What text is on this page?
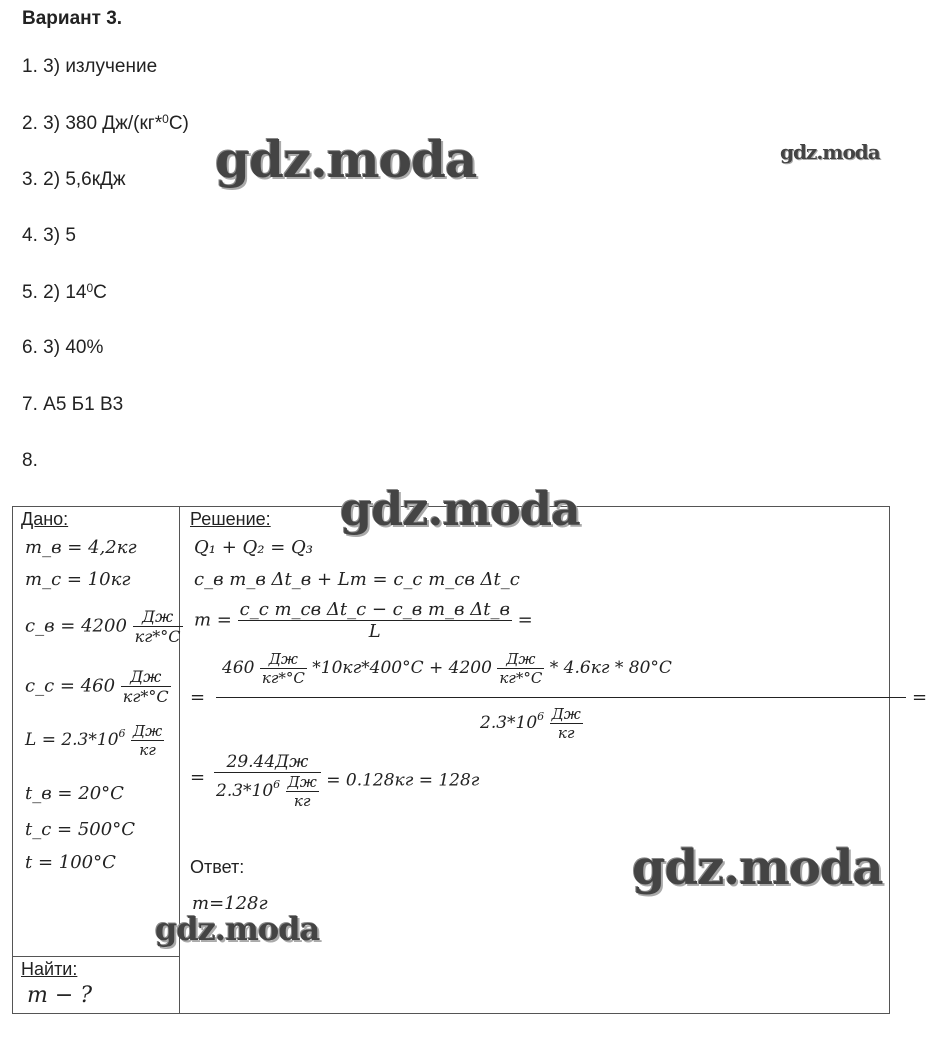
Вариант 3.
1. 3) излучение
2. 3) 380 Дж/(кг*$^0$С)
3. 2) 5,6кДж
4. 3) 5
5. 2) $14^0С$
6. 3) 40%
7. А5 Б1 В3
8.
gdz.moda	gdz.moda
gdz.moda
gdz.moda
gdz.moda
Дано:
m_в = 4,2кг
m_с = 10кг
c_в = $4200 \frac{Дж}{кг*^\circ C}$
c_с = $460 \frac{Дж}{кг*^\circ C}$
$L = 2.3*10^6 \frac{Дж}{кг}$
t_в = 20°C
t_с = 500°C
t = 100°C

Решение:
Q₁ + Q₂ = Q₃
c_в m_в Δt_в + Lm = c_с m_св Δt_с
$m = \frac{\text{c\_с m\_св Δt\_с − c\_в m\_в Δt\_в}}{L}$ =
=
$460 \frac{Дж}{кг*^\circ C} *10кг*400^\circ C + 4200 \frac{Дж}{кг*^\circ C} * 4.6кг * 80^\circ C$
$2.3*10^6 \frac{Дж}{кг}$
=
= $\frac{29.44Дж}{2.3*10^6 \frac{Дж}{кг}} = 0.128кг = 128г$
Ответ:
m=128г

Найти:
m − ?
